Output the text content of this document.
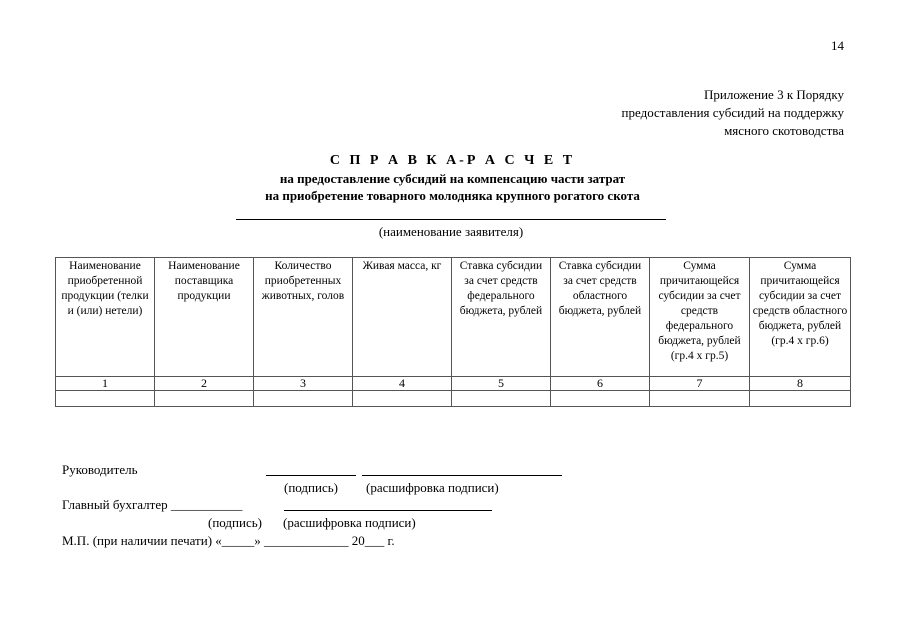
14
Приложение 3 к Порядку
предоставления субсидий на поддержку
мясного скотоводства
С П Р А В К А-Р А С Ч Е Т
на предоставление субсидий на компенсацию части затрат
на приобретение товарного молодняка крупного рогатого скота
(наименование заявителя)
Наименование приобретенной продукции (телки и (или) нетели)	Наименование поставщика продукции	Количество приобретенных животных, голов	Живая масса, кг	Ставка субсидии за счет средств федерального бюджета, рублей	Ставка субсидии за счет средств областного бюджета, рублей	Сумма причитающейся субсидии за счет средств федерального бюджета, рублей (гр.4 х гр.5)	Сумма причитающейся субсидии за счет средств областного бюджета, рублей (гр.4 х гр.6)
1	2	3	4	5	6	7	8

Руководитель
(подпись) (расшифровка подписи)
Главный бухгалтер ___________
(подпись) (расшифровка подписи)
М.П. (при наличии печати) «_____» _____________ 20___ г.
